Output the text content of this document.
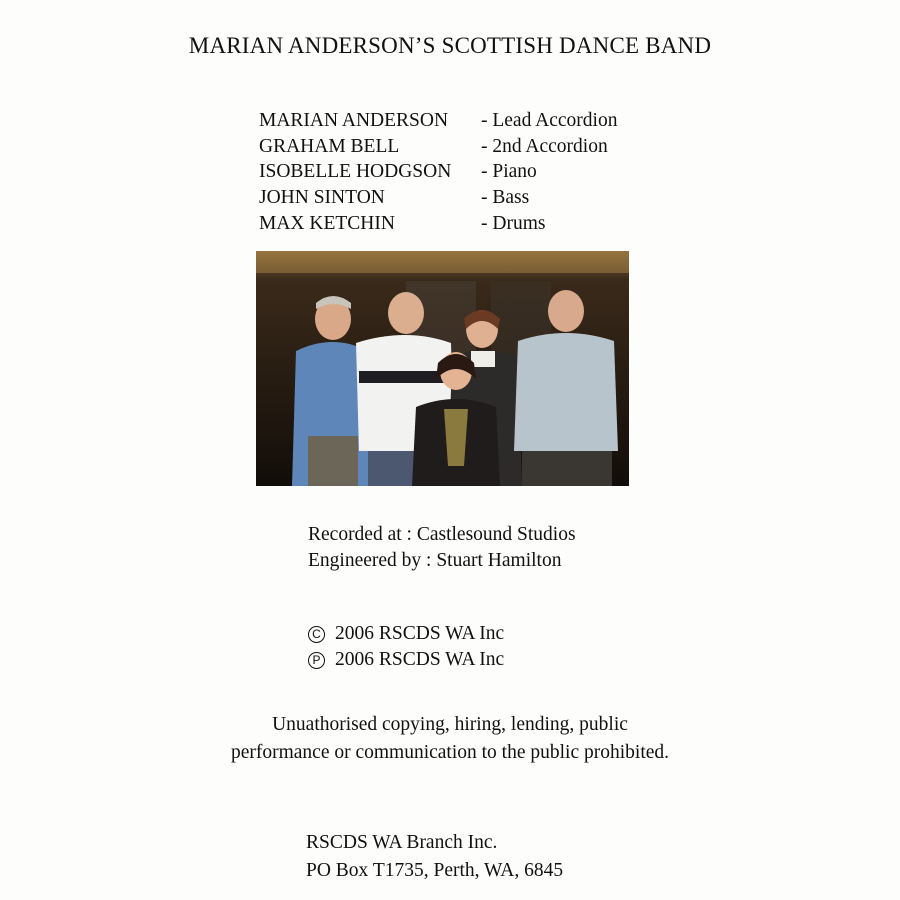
MARIAN ANDERSON’S SCOTTISH DANCE BAND
MARIAN ANDERSON	- Lead Accordion
GRAHAM BELL	- 2nd Accordion
ISOBELLE HODGSON	- Piano
JOHN SINTON	- Bass
MAX KETCHIN	- Drums
Recorded at : Castlesound Studios
Engineered by : Stuart Hamilton
C 2006 RSCDS WA Inc
P 2006 RSCDS WA Inc
Unuathorised copying, hiring, lending, public
performance or communication to the public prohibited.
RSCDS WA Branch Inc.
PO Box T1735, Perth, WA, 6845
